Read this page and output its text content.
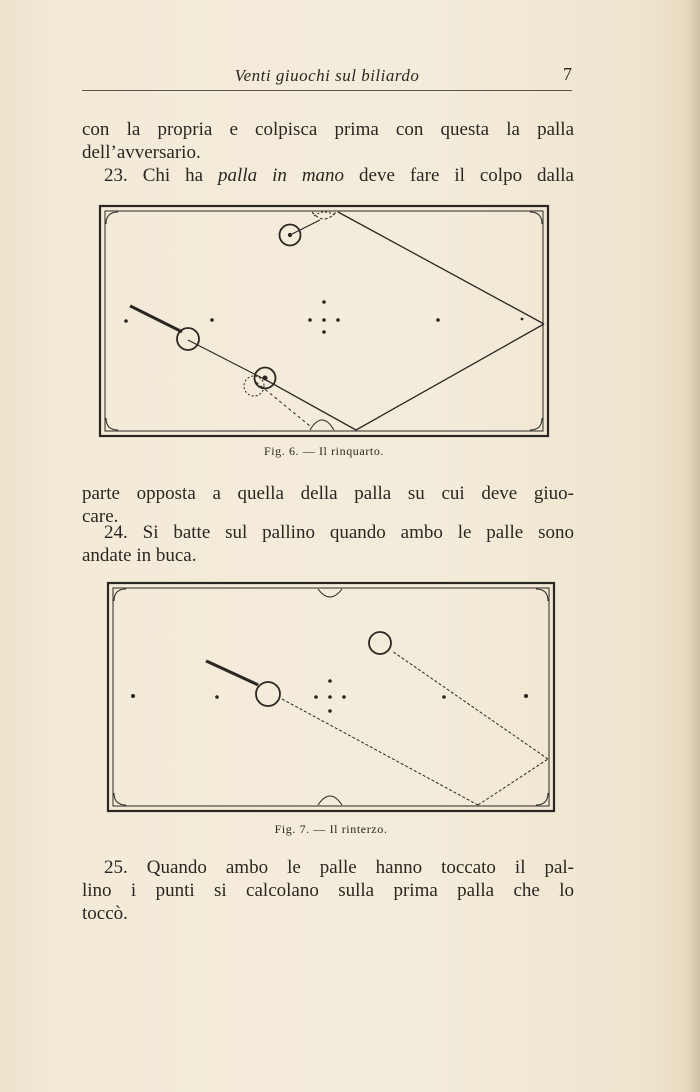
Venti giuochi sul biliardo	7

con la propria e colpisca prima con questa la palla
dell’avversario.

23. Chi ha palla in mano deve fare il colpo dalla

Fig. 6. — Il rinquarto.

parte opposta a quella della palla su cui deve giuo-
care.

24. Si batte sul pallino quando ambo le palle sono
andate in buca.

Fig. 7. — Il rinterzo.

25. Quando ambo le palle hanno toccato il pal-
lino i punti si calcolano sulla prima palla che lo
toccò.
